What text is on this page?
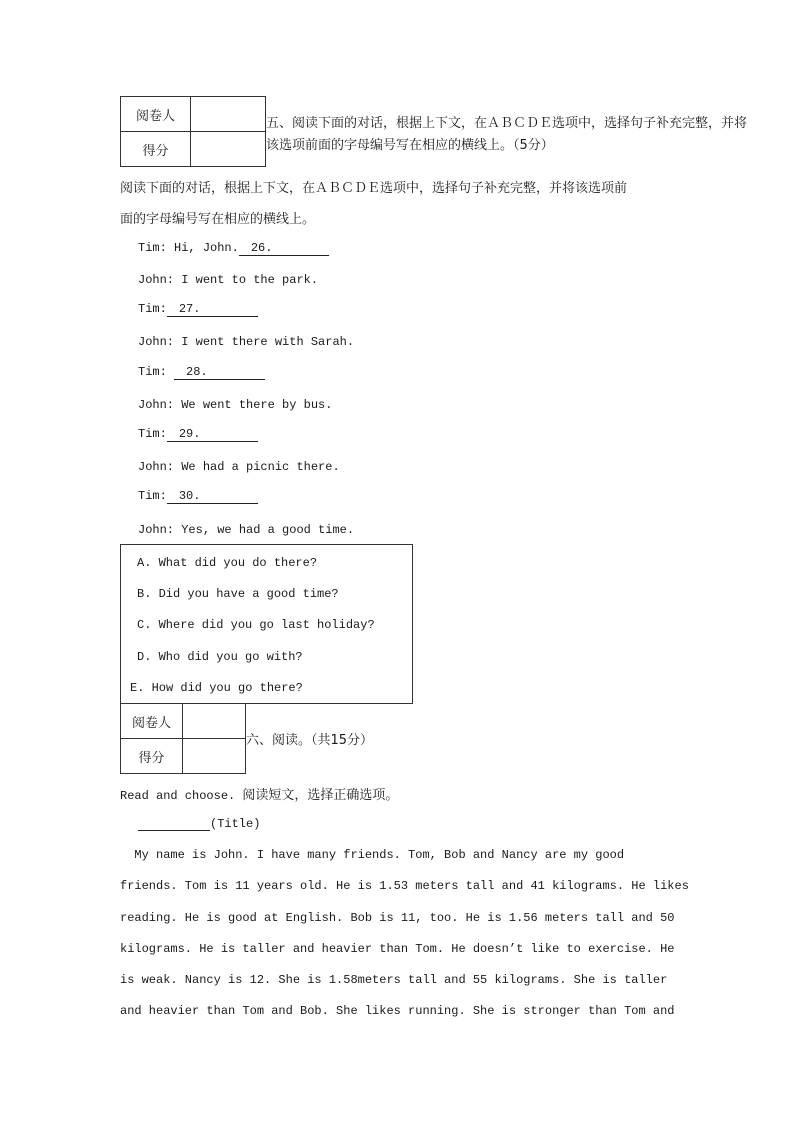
阅卷人	
得分	
五、阅读下面的对话，根据上下文，在ＡＢＣＤＥ选项中，选择句子补充完整，并将
该选项前面的字母编号写在相应的横线上。（5分）
阅读下面的对话，根据上下文，在ＡＢＣＤＥ选项中，选择句子补充完整，并将该选项前
面的字母编号写在相应的横线上。
Tim: Hi, John. 26.
John: I went to the park.
Tim: 27.
John: I went there with Sarah.
Tim: 28.
John: We went there by bus.
Tim: 29.
John: We had a picnic there.
Tim: 30.
John: Yes, we had a good time.
A. What did you do there?
B. Did you have a good time?
C. Where did you go last holiday?
D. Who did you go with?
E. How did you go there?
阅卷人	
得分	
六、阅读。（共15分）
Read and choose. 阅读短文，选择正确选项。
(Title)
My name is John. I have many friends. Tom, Bob and Nancy are my good
friends. Tom is 11 years old. He is 1.53 meters tall and 41 kilograms. He likes
reading. He is good at English. Bob is 11, too. He is 1.56 meters tall and 50
kilograms. He is taller and heavier than Tom. He doesn’t like to exercise. He
is weak. Nancy is 12. She is 1.58meters tall and 55 kilograms. She is taller
and heavier than Tom and Bob. She likes running. She is stronger than Tom and
